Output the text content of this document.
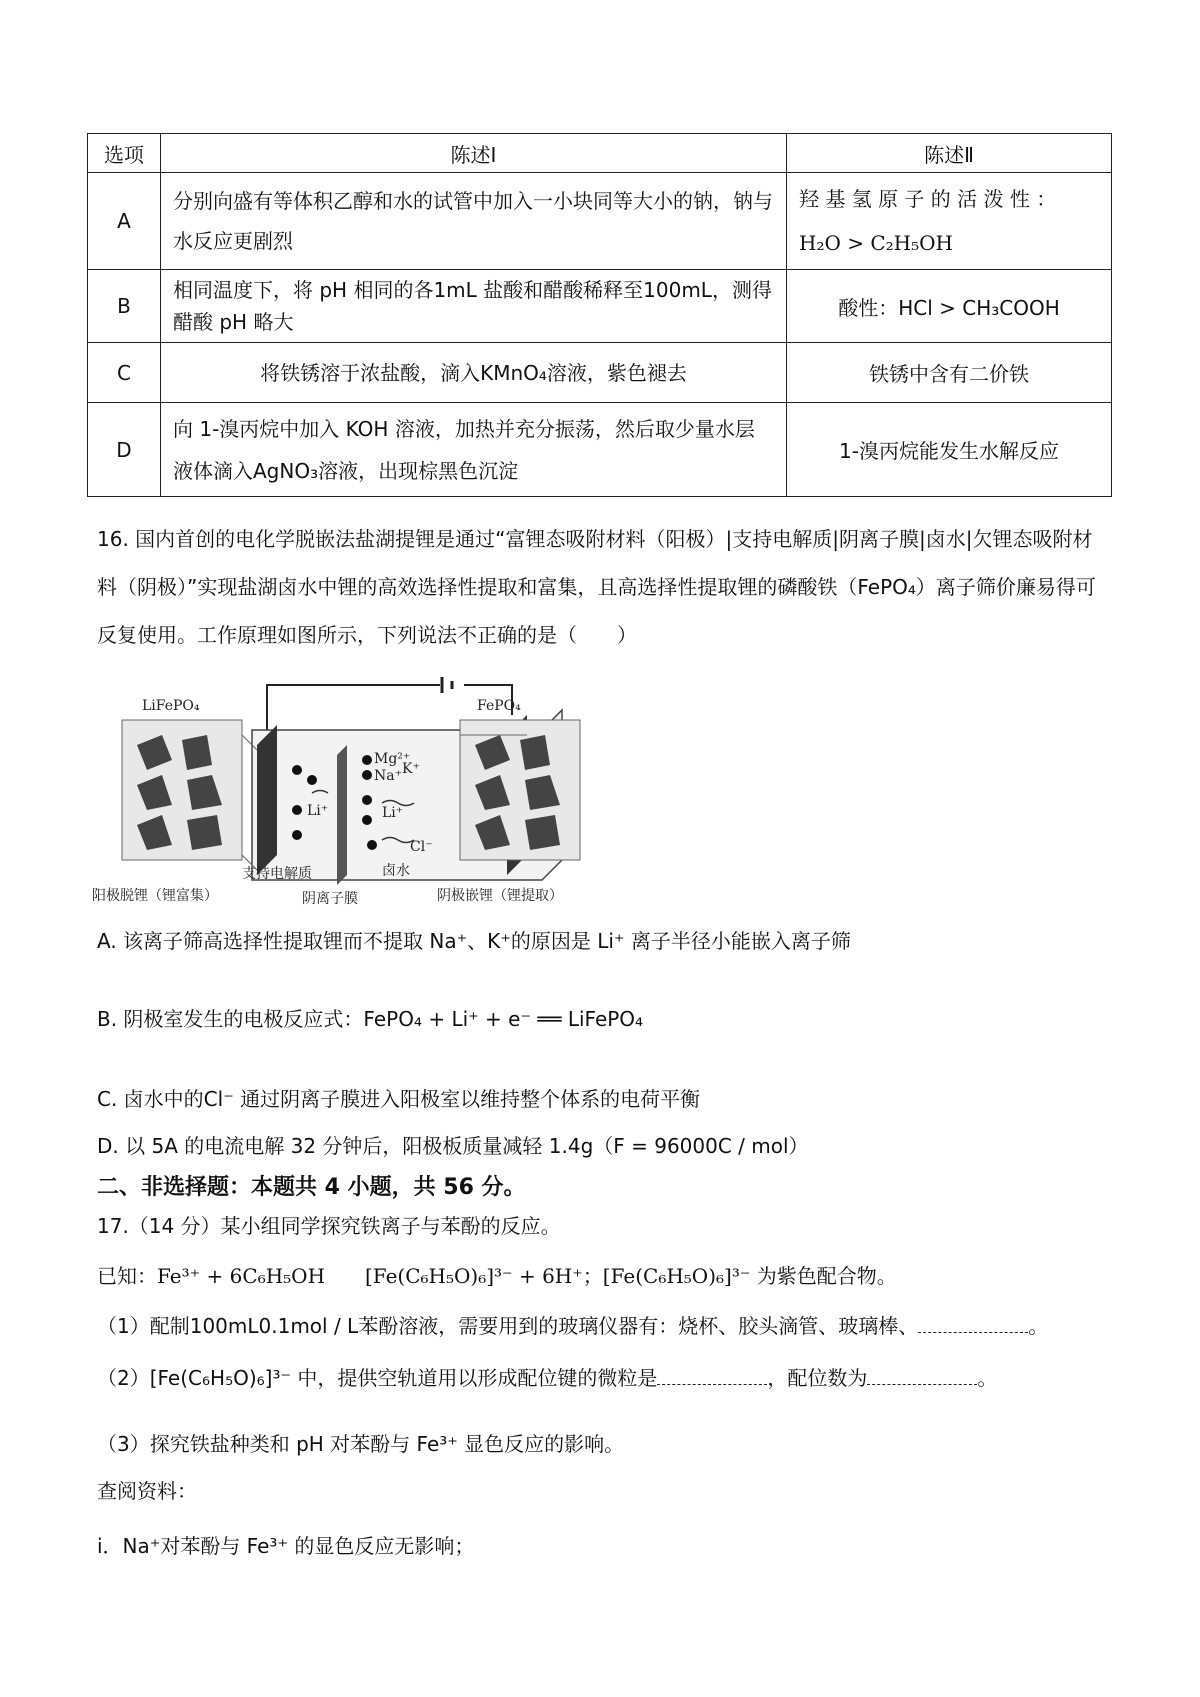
选项	陈述Ⅰ	陈述Ⅱ
A	分别向盛有等体积乙醇和水的试管中加入一小块同等大小的钠，钠与水反应更剧烈	羟 基 氢 原 子 的 活 泼 性 ：
H₂O > C₂H₅OH

B	相同温度下，将 pH 相同的各1mL 盐酸和醋酸稀释至100mL，测得醋酸 pH 略大	酸性：HCl > CH₃COOH
C	将铁锈溶于浓盐酸，滴入KMnO₄溶液，紫色褪去	铁锈中含有二价铁
D	向 1-溴丙烷中加入 KOH 溶液，加热并充分振荡，然后取少量水层液体滴入AgNO₃溶液，出现棕黑色沉淀	1-溴丙烷能发生水解反应
16. 国内首创的电化学脱嵌法盐湖提锂是通过“富锂态吸附材料（阳极）|支持电解质|阴离子膜|卤水|欠锂态吸附材料（阴极）”实现盐湖卤水中锂的高效选择性提取和富集，且高选择性提取锂的磷酸铁（FePO₄）离子筛价廉易得可反复使用。工作原理如图所示，下列说法不正确的是（　　）
Li⁺
Mg²⁺
K⁺
Na⁺
Li⁺
Cl⁻
LiFePO₄	FePO₄
支持电解质	卤水
阳极脱锂（锂富集）	阴离子膜	阴极嵌锂（锂提取）
A. 该离子筛高选择性提取锂而不提取 Na⁺、K⁺的原因是 Li⁺ 离子半径小能嵌入离子筛
B. 阴极室发生的电极反应式：FePO₄ + Li⁺ + e⁻ ══ LiFePO₄
C. 卤水中的Cl⁻ 通过阴离子膜进入阳极室以维持整个体系的电荷平衡
D. 以 5A 的电流电解 32 分钟后，阳极板质量减轻 1.4g（F = 96000C / mol）
二、非选择题：本题共 4 小题，共 56 分。
17.（14 分）某小组同学探究铁离子与苯酚的反应。
已知：Fe³⁺ + 6C₆H₅OH　　[Fe(C₆H₅O)₆]³⁻ + 6H⁺；[Fe(C₆H₅O)₆]³⁻ 为紫色配合物。
（1）配制100mL0.1mol / L苯酚溶液，需要用到的玻璃仪器有：烧杯、胶头滴管、玻璃棒、	。
（2）[Fe(C₆H₅O)₆]³⁻ 中，提供空轨道用以形成配位键的微粒是	，配位数为	。
（3）探究铁盐种类和 pH 对苯酚与 Fe³⁺ 显色反应的影响。
查阅资料：
ⅰ．Na⁺对苯酚与 Fe³⁺ 的显色反应无影响；
